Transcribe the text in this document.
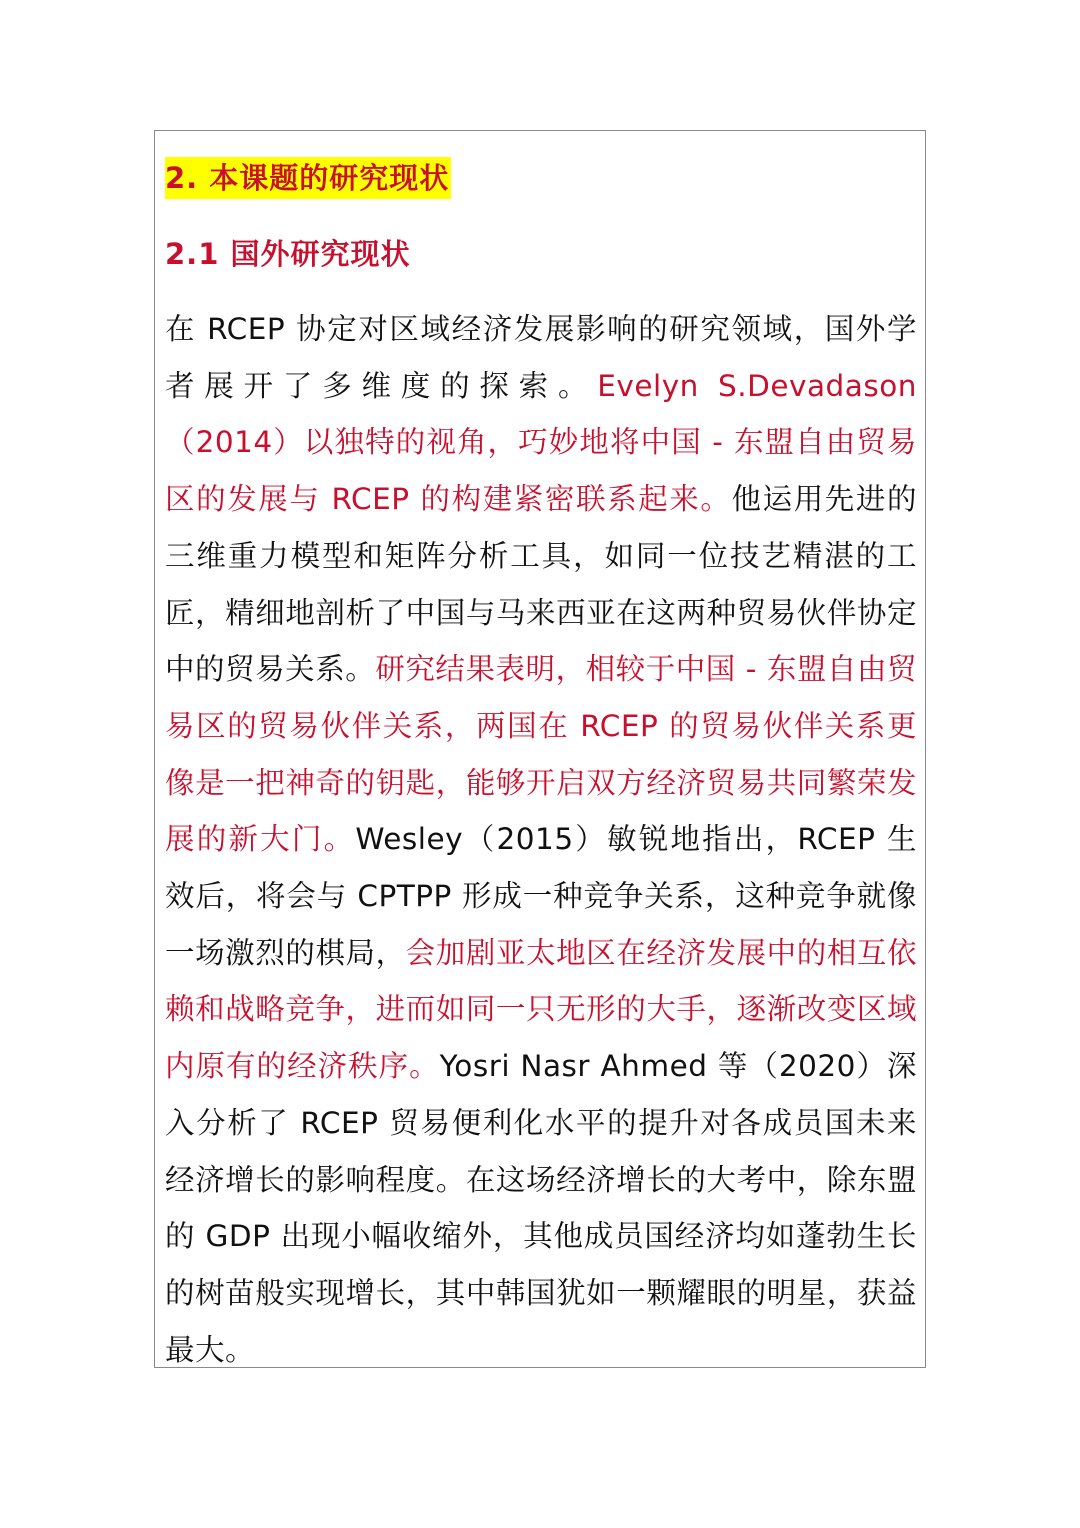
2. 本课题的研究现状
2.1 国外研究现状

在 RCEP 协定对区域经济发展影响的研究领域，国外学者展开了多维度的探索。Evelyn S.Devadason （2014）以独特的视角，巧妙地将中国 - 东盟自由贸易区的发展与 RCEP 的构建紧密联系起来。他运用先进的三维重力模型和矩阵分析工具，如同一位技艺精湛的工匠，精细地剖析了中国与马来西亚在这两种贸易伙伴协定中的贸易关系。研究结果表明，相较于中国 - 东盟自由贸易区的贸易伙伴关系，两国在 RCEP 的贸易伙伴关系更像是一把神奇的钥匙，能够开启双方经济贸易共同繁荣发展的新大门。Wesley（2015）敏锐地指出，RCEP 生效后，将会与 CPTPP 形成一种竞争关系，这种竞争就像一场激烈的棋局，会加剧亚太地区在经济发展中的相互依赖和战略竞争，进而如同一只无形的大手，逐渐改变区域内原有的经济秩序。Yosri Nasr Ahmed 等（2020）深入分析了 RCEP 贸易便利化水平的提升对各成员国未来经济增长的影响程度。在这场经济增长的大考中，除东盟的 GDP 出现小幅收缩外，其他成员国经济均如蓬勃生长的树苗般实现增长，其中韩国犹如一颗耀眼的明星，获益最大。
